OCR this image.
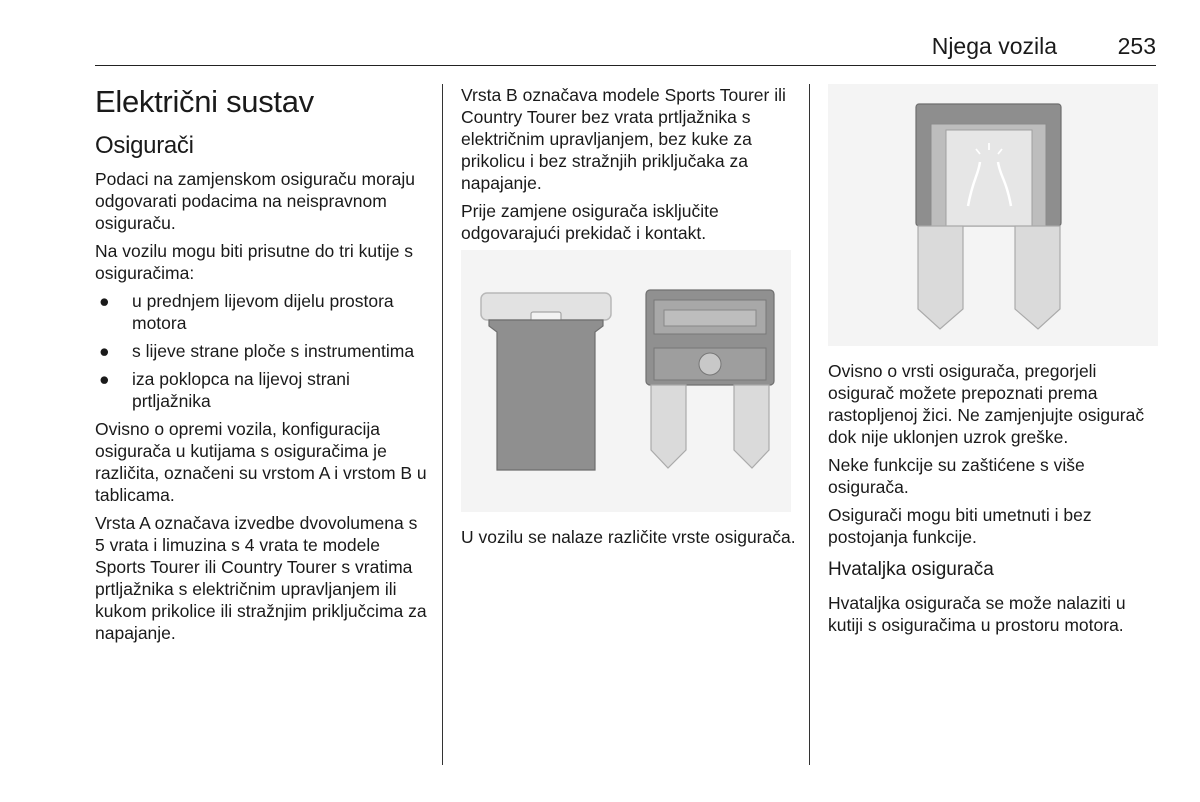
Njega vozila	253
Električni sustav
Osigurači

Podaci na zamjenskom osiguraču moraju odgovarati podacima na neispravnom osiguraču.

Na vozilu mogu biti prisutne do tri kutije s osiguračima:

● u prednjem lijevom dijelu prostora motora
● s lijeve strane ploče s instrumentima
● iza poklopca na lijevoj strani prtljažnika

Ovisno o opremi vozila, konfiguracija osigurača u kutijama s osiguračima je različita, označeni su vrstom A i vrstom B u tablicama.

Vrsta A označava izvedbe dvovolumena s 5 vrata i limuzina s 4 vrata te modele Sports Tourer ili Country Tourer s vratima prtljažnika s električnim upravljanjem ili kukom prikolice ili stražnjim priključcima za napajanje.

Vrsta B označava modele Sports Tourer ili Country Tourer bez vrata prtljažnika s električnim upravljanjem, bez kuke za prikolicu i bez stražnjih priključaka za napajanje.

Prije zamjene osigurača isključite odgovarajući prekidač i kontakt.

U vozilu se nalaze različite vrste osigurača.

Ovisno o vrsti osigurača, pregorjeli osigurač možete prepoznati prema rastopljenoj žici. Ne zamjenjujte osigurač dok nije uklonjen uzrok greške.

Neke funkcije su zaštićene s više osigurača.

Osigurači mogu biti umetnuti i bez postojanja funkcije.

Hvataljka osigurača

Hvataljka osigurača se može nalaziti u kutiji s osiguračima u prostoru motora.
